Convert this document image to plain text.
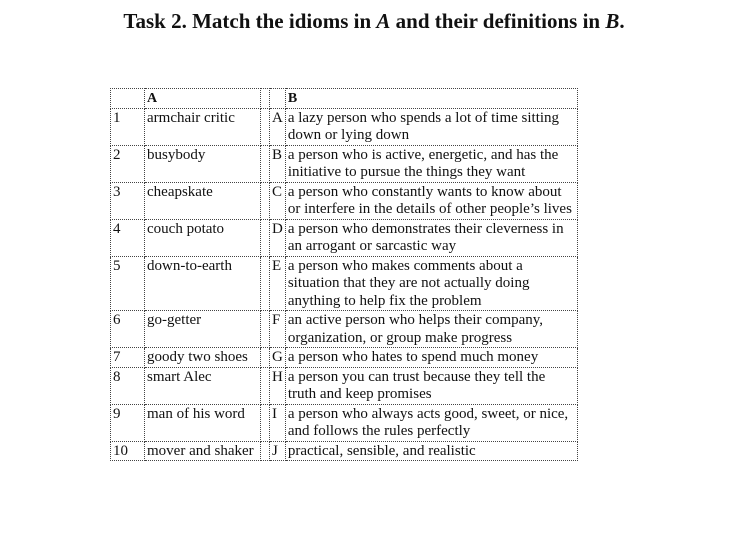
Task 2. Match the idioms in A and their definitions in B.
	A			B
1	armchair critic		A	a lazy person who spends a lot of time sitting down or lying down
2	busybody		B	a person who is active, energetic, and has the initiative to pursue the things they want
3	cheapskate		C	a person who constantly wants to know about or interfere in the details of other people’s lives
4	couch potato		D	a person who demonstrates their cleverness in an arrogant or sarcastic way
5	down-to-earth		E	a person who makes comments about a situation that they are not actually doing anything to help fix the problem
6	go-getter		F	an active person who helps their company, organization, or group make progress
7	goody two shoes		G	a person who hates to spend much money
8	smart Alec		H	a person you can trust because they tell the truth and keep promises
9	man of his word		I	a person who always acts good, sweet, or nice, and follows the rules perfectly
10	mover and shaker		J	practical, sensible, and realistic
